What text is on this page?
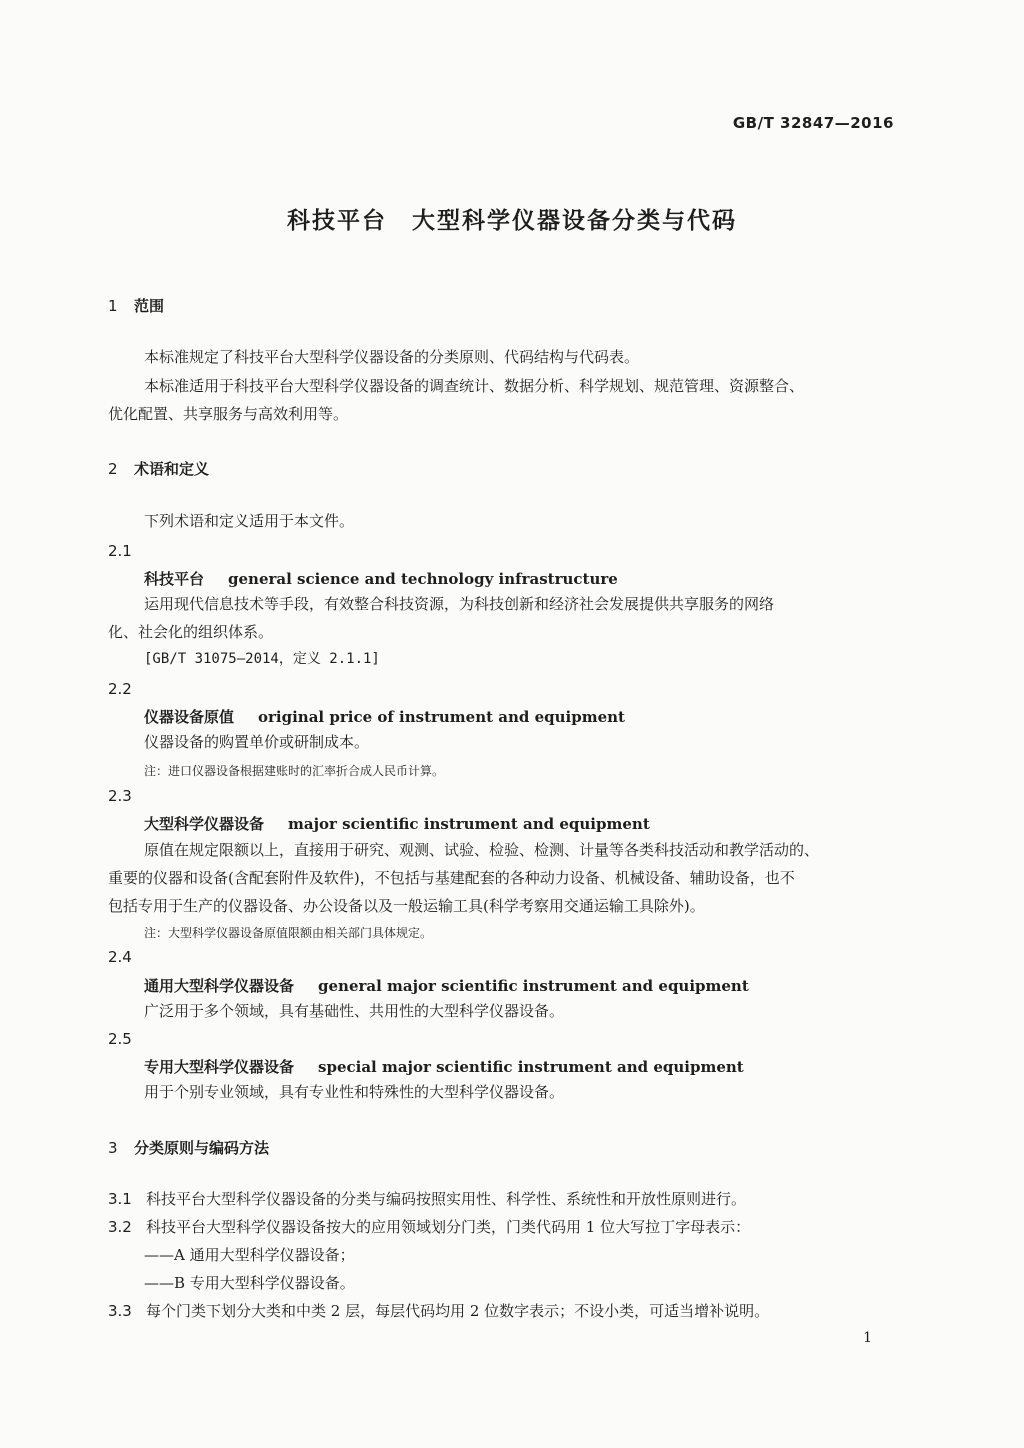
GB/T 32847—2016
科技平台　大型科学仪器设备分类与代码
1 范围
本标准规定了科技平台大型科学仪器设备的分类原则、代码结构与代码表。
本标准适用于科技平台大型科学仪器设备的调查统计、数据分析、科学规划、规范管理、资源整合、
优化配置、共享服务与高效利用等。
2 术语和定义
下列术语和定义适用于本文件。
2.1
科技平台 general science and technology infrastructure
运用现代信息技术等手段，有效整合科技资源，为科技创新和经济社会发展提供共享服务的网络
化、社会化的组织体系。
[GB/T 31075—2014，定义 2.1.1]
2.2
仪器设备原值 original price of instrument and equipment
仪器设备的购置单价或研制成本。
注：进口仪器设备根据建账时的汇率折合成人民币计算。
2.3
大型科学仪器设备 major scientific instrument and equipment
原值在规定限额以上，直接用于研究、观测、试验、检验、检测、计量等各类科技活动和教学活动的、
重要的仪器和设备(含配套附件及软件)，不包括与基建配套的各种动力设备、机械设备、辅助设备，也不
包括专用于生产的仪器设备、办公设备以及一般运输工具(科学考察用交通运输工具除外)。
注：大型科学仪器设备原值限额由相关部门具体规定。
2.4
通用大型科学仪器设备 general major scientific instrument and equipment
广泛用于多个领域，具有基础性、共用性的大型科学仪器设备。
2.5
专用大型科学仪器设备 special major scientific instrument and equipment
用于个别专业领域，具有专业性和特殊性的大型科学仪器设备。
3 分类原则与编码方法
3.1 科技平台大型科学仪器设备的分类与编码按照实用性、科学性、系统性和开放性原则进行。
3.2 科技平台大型科学仪器设备按大的应用领域划分门类，门类代码用 1 位大写拉丁字母表示：
——A 通用大型科学仪器设备；
——B 专用大型科学仪器设备。
3.3 每个门类下划分大类和中类 2 层，每层代码均用 2 位数字表示；不设小类，可适当增补说明。
1
